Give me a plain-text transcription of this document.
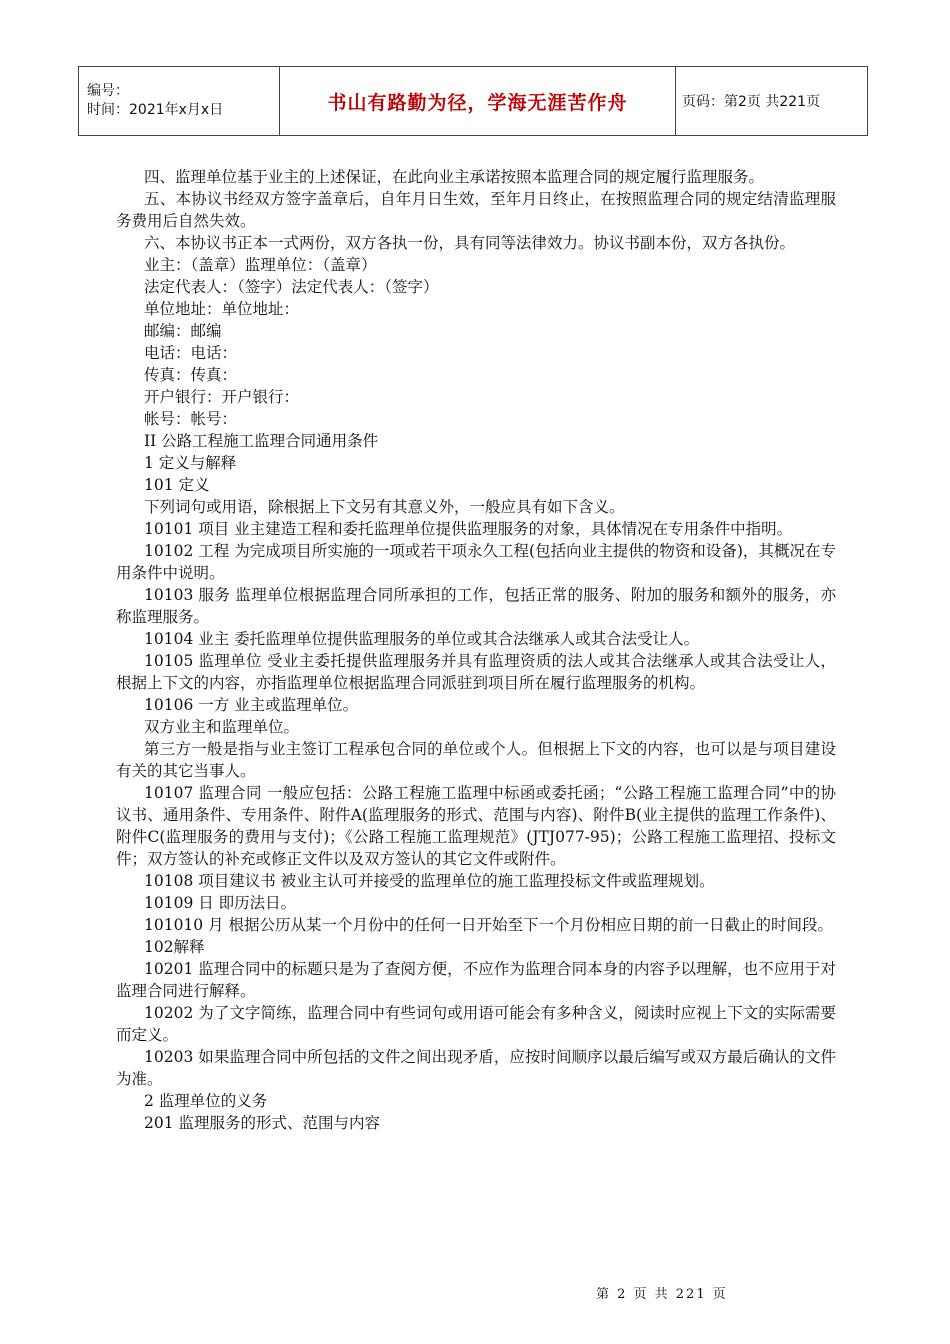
编号：
时间：2021年x月x日	书山有路勤为径，学海无涯苦作舟	页码：第2页 共221页

四、监理单位基于业主的上述保证，在此向业主承诺按照本监理合同的规定履行监理服务。

五、本协议书经双方签字盖章后，自年月日生效，至年月日终止，在按照监理合同的规定结清监理服务费用后自然失效。

六、本协议书正本一式两份，双方各执一份，具有同等法律效力。协议书副本份，双方各执份。

业主：（盖章）监理单位：（盖章）

法定代表人：（签字）法定代表人：（签字）

单位地址：单位地址：

邮编：邮编

电话：电话：

传真：传真：

开户银行：开户银行：

帐号：帐号：

II 公路工程施工监理合同通用条件

1 定义与解释

101 定义

下列词句或用语，除根据上下文另有其意义外，一般应具有如下含义。

10101 项目 业主建造工程和委托监理单位提供监理服务的对象，具体情况在专用条件中指明。

10102 工程 为完成项目所实施的一项或若干项永久工程(包括向业主提供的物资和设备)，其概况在专用条件中说明。

10103 服务 监理单位根据监理合同所承担的工作，包括正常的服务、附加的服务和额外的服务，亦称监理服务。

10104 业主 委托监理单位提供监理服务的单位或其合法继承人或其合法受让人。

10105 监理单位 受业主委托提供监理服务并具有监理资质的法人或其合法继承人或其合法受让人，根据上下文的内容，亦指监理单位根据监理合同派驻到项目所在履行监理服务的机构。

10106 一方 业主或监理单位。

双方业主和监理单位。

第三方一般是指与业主签订工程承包合同的单位或个人。但根据上下文的内容，也可以是与项目建设有关的其它当事人。

10107 监理合同 一般应包括：公路工程施工监理中标函或委托函；“公路工程施工监理合同”中的协议书、通用条件、专用条件、附件A(监理服务的形式、范围与内容)、附件B(业主提供的监理工作条件)、附件C(监理服务的费用与支付)；《公路工程施工监理规范》(JTJ077-95)；公路工程施工监理招、投标文件；双方签认的补充或修正文件以及双方签认的其它文件或附件。

10108 项目建议书 被业主认可并接受的监理单位的施工监理投标文件或监理规划。

10109 日 即历法日。

101010 月 根据公历从某一个月份中的任何一日开始至下一个月份相应日期的前一日截止的时间段。

102解释

10201 监理合同中的标题只是为了查阅方便，不应作为监理合同本身的内容予以理解，也不应用于对监理合同进行解释。

10202 为了文字简练，监理合同中有些词句或用语可能会有多种含义，阅读时应视上下文的实际需要而定义。

10203 如果监理合同中所包括的文件之间出现矛盾，应按时间顺序以最后编写或双方最后确认的文件为准。

2 监理单位的义务

201 监理服务的形式、范围与内容

第 2 页 共 221 页
